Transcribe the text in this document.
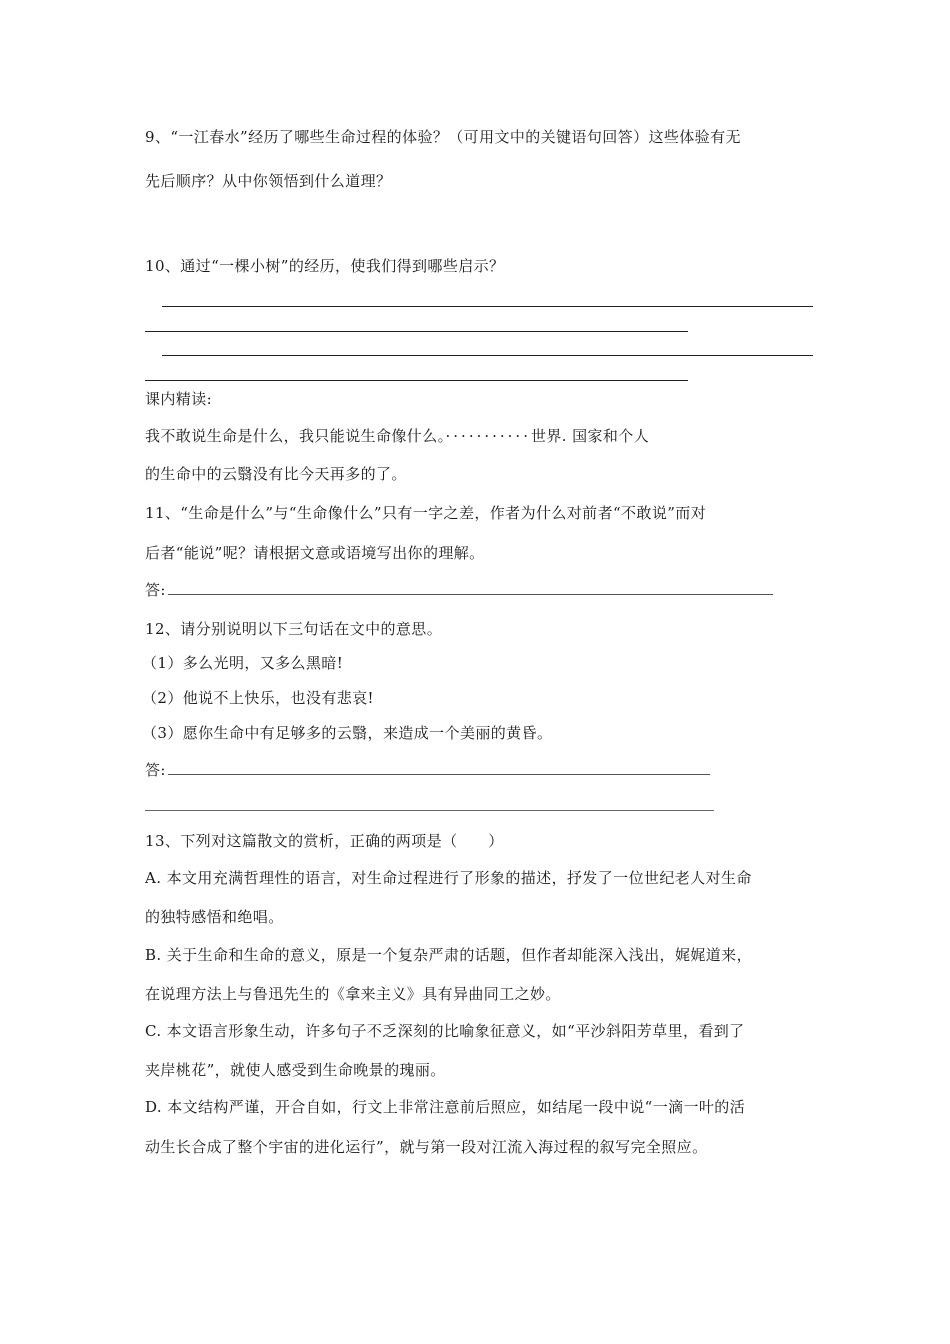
9、“一江春水”经历了哪些生命过程的体验？（可用文中的关键语句回答）这些体验有无
先后顺序？从中你领悟到什么道理？
10、通过“一棵小树”的经历，使我们得到哪些启示？
课内精读:
我不敢说生命是什么，我只能说生命像什么。···········世界. 国家和个人
的生命中的云翳没有比今天再多的了。
11、“生命是什么”与“生命像什么”只有一字之差，作者为什么对前者“不敢说”而对
后者“能说”呢？请根据文意或语境写出你的理解。
答:
12、请分别说明以下三句话在文中的意思。
（1）多么光明，又多么黑暗!
（2）他说不上快乐，也没有悲哀!
（3）愿你生命中有足够多的云翳，来造成一个美丽的黄昏。
答:
13、下列对这篇散文的赏析，正确的两项是（　　）
A. 本文用充满哲理性的语言，对生命过程进行了形象的描述，抒发了一位世纪老人对生命
的独特感悟和绝唱。
B. 关于生命和生命的意义，原是一个复杂严肃的话题，但作者却能深入浅出，娓娓道来，
在说理方法上与鲁迅先生的《拿来主义》具有异曲同工之妙。
C. 本文语言形象生动，许多句子不乏深刻的比喻象征意义，如“平沙斜阳芳草里，看到了
夹岸桃花”，就使人感受到生命晚景的瑰丽。
D. 本文结构严谨，开合自如，行文上非常注意前后照应，如结尾一段中说“一滴一叶的活
动生长合成了整个宇宙的进化运行”，就与第一段对江流入海过程的叙写完全照应。
